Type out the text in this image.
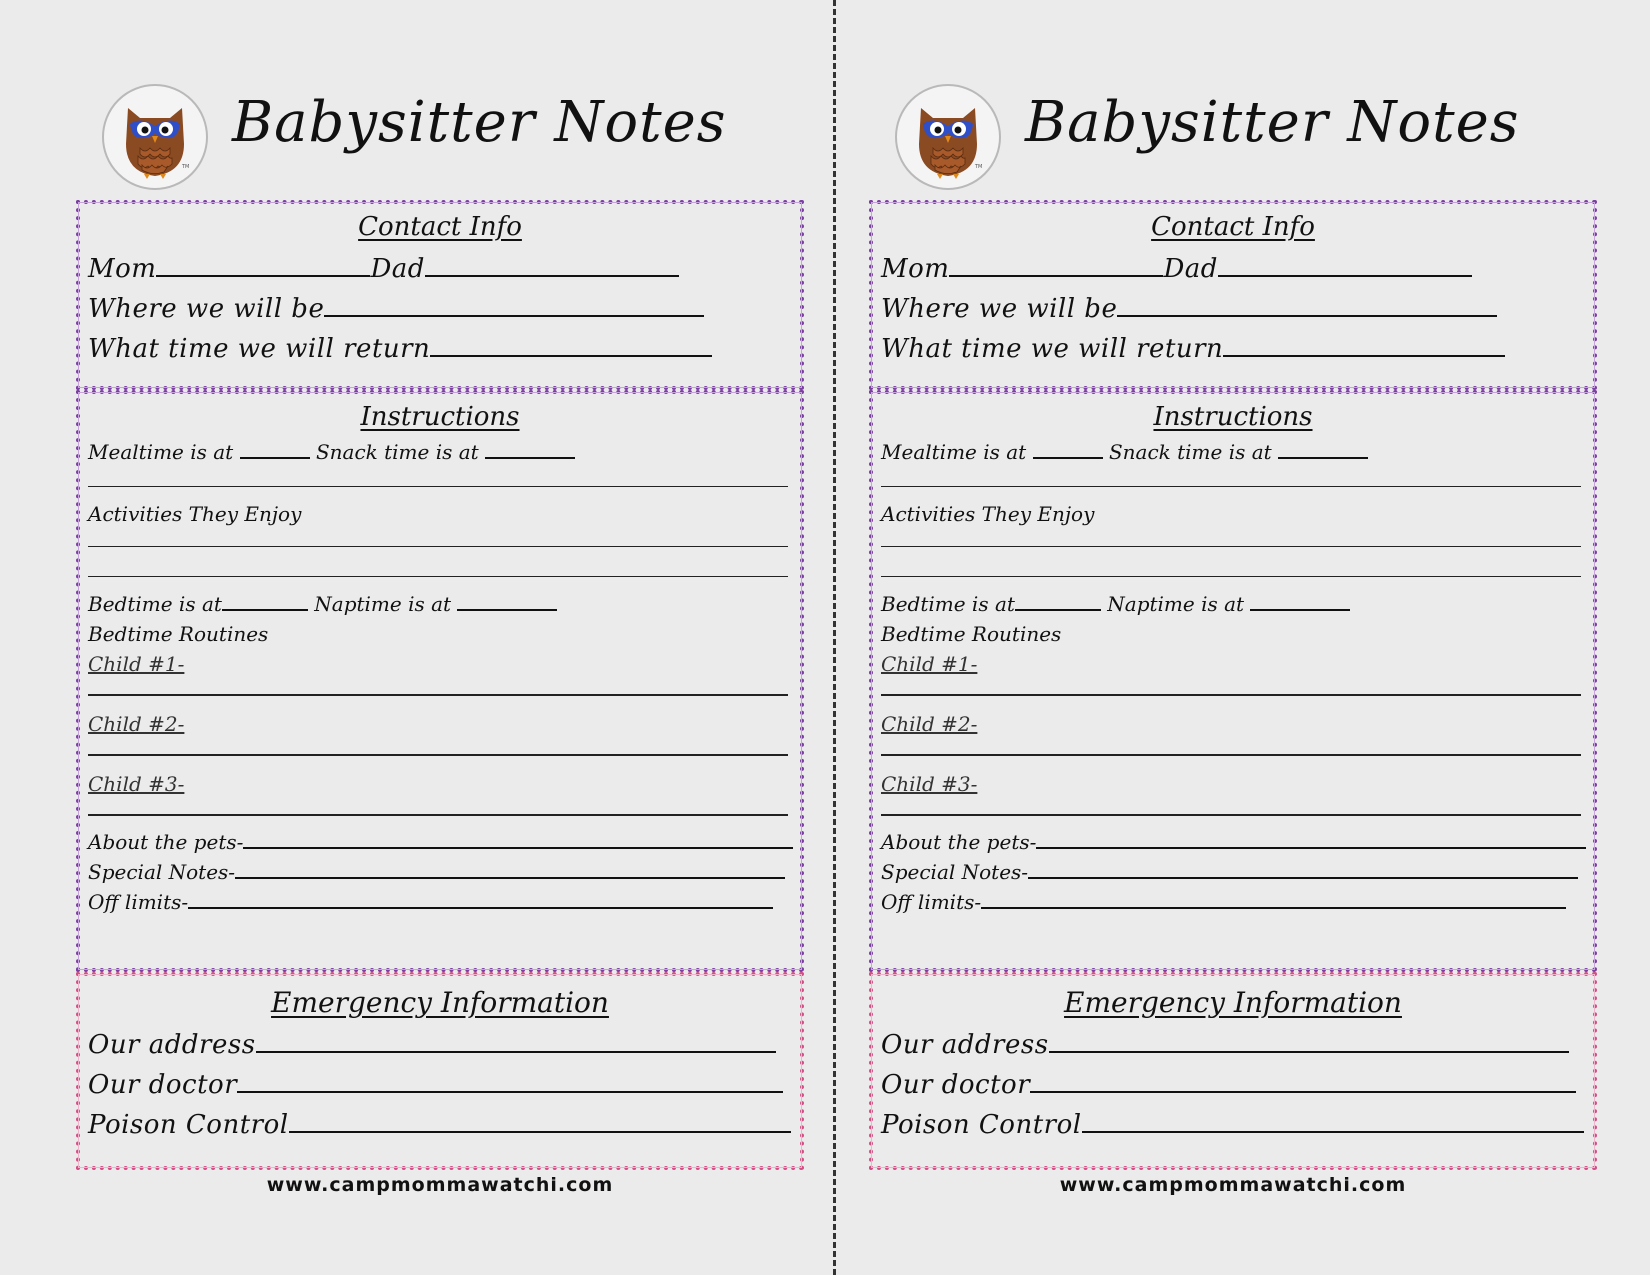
TM
Babysitter Notes
Contact Info
Mom	Dad
Where we will be
What time we will return
Instructions
Mealtime is at	Snack time is at
Activities They Enjoy
Bedtime is at	Naptime is at
Bedtime Routines
Child #1-
Child #2-
Child #3-
About the pets-
Special Notes-
Off limits-
Emergency Information
Our address
Our doctor
Poison Control
www.campmommawatchi.com
TM
Babysitter Notes
Contact Info
Mom	Dad
Where we will be
What time we will return
Instructions
Mealtime is at	Snack time is at
Activities They Enjoy
Bedtime is at	Naptime is at
Bedtime Routines
Child #1-
Child #2-
Child #3-
About the pets-
Special Notes-
Off limits-
Emergency Information
Our address
Our doctor
Poison Control
www.campmommawatchi.com
